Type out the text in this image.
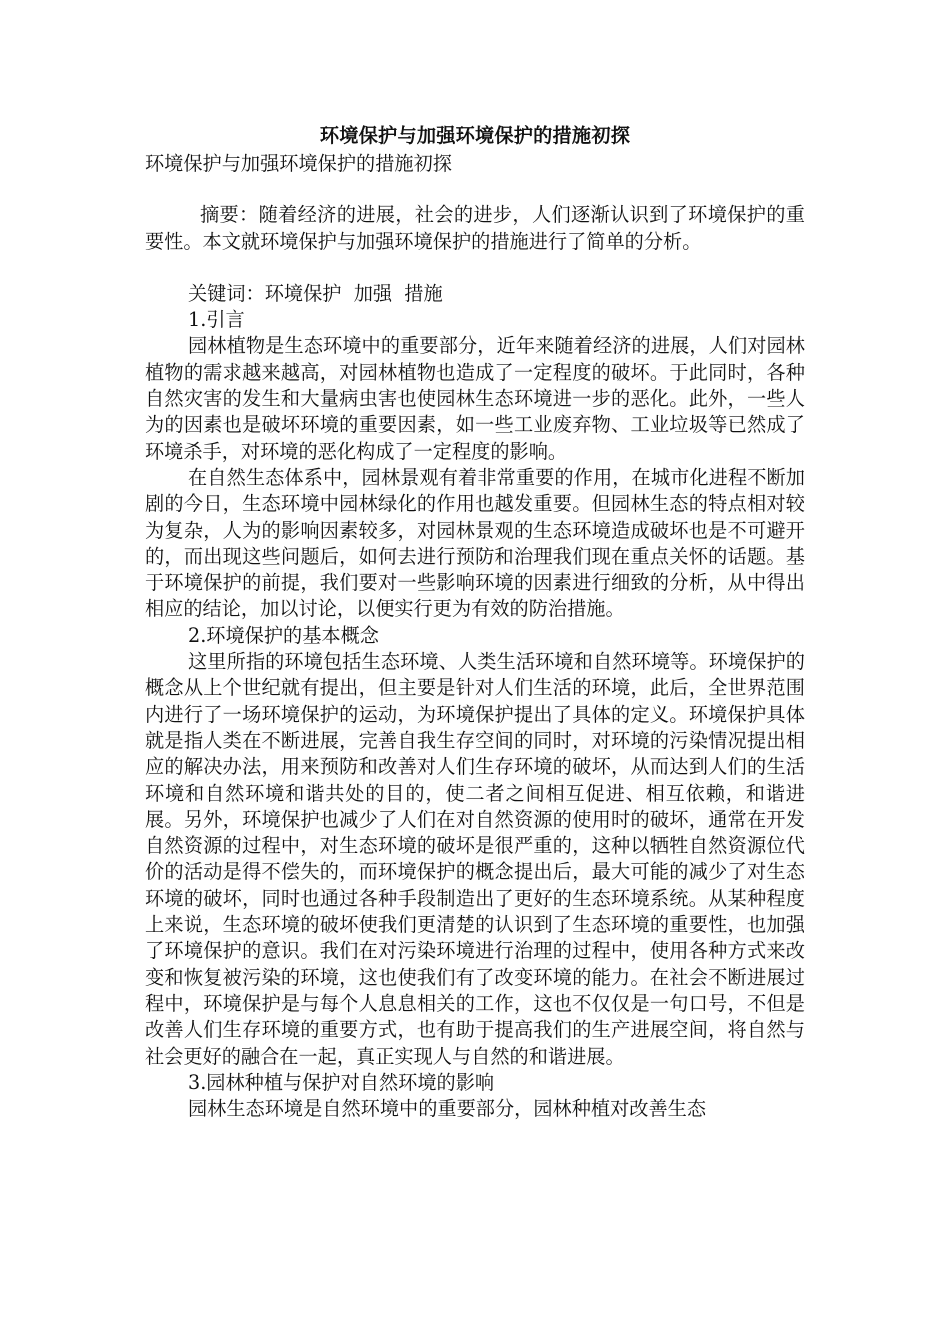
环境保护与加强环境保护的措施初探

环境保护与加强环境保护的措施初探

摘要：随着经济的进展，社会的进步，人们逐渐认识到了环境保护的重要性。本文就环境保护与加强环境保护的措施进行了简单的分析。

关键词：环境保护  加强  措施

1.引言

园林植物是生态环境中的重要部分，近年来随着经济的进展，人们对园林植物的需求越来越高，对园林植物也造成了一定程度的破坏。于此同时，各种自然灾害的发生和大量病虫害也使园林生态环境进一步的恶化。此外，一些人为的因素也是破坏环境的重要因素，如一些工业废弃物、工业垃圾等已然成了环境杀手，对环境的恶化构成了一定程度的影响。

在自然生态体系中，园林景观有着非常重要的作用，在城市化进程不断加剧的今日，生态环境中园林绿化的作用也越发重要。但园林生态的特点相对较为复杂，人为的影响因素较多，对园林景观的生态环境造成破坏也是不可避开的，而出现这些问题后，如何去进行预防和治理我们现在重点关怀的话题。基于环境保护的前提，我们要对一些影响环境的因素进行细致的分析，从中得出相应的结论，加以讨论，以便实行更为有效的防治措施。

2.环境保护的基本概念

这里所指的环境包括生态环境、人类生活环境和自然环境等。环境保护的概念从上个世纪就有提出，但主要是针对人们生活的环境，此后，全世界范围内进行了一场环境保护的运动，为环境保护提出了具体的定义。环境保护具体就是指人类在不断进展，完善自我生存空间的同时，对环境的污染情况提出相应的解决办法，用来预防和改善对人们生存环境的破坏，从而达到人们的生活环境和自然环境和谐共处的目的，使二者之间相互促进、相互依赖，和谐进展。另外，环境保护也减少了人们在对自然资源的使用时的破坏，通常在开发自然资源的过程中，对生态环境的破坏是很严重的，这种以牺牲自然资源位代价的活动是得不偿失的，而环境保护的概念提出后，最大可能的减少了对生态环境的破坏，同时也通过各种手段制造出了更好的生态环境系统。从某种程度上来说，生态环境的破坏使我们更清楚的认识到了生态环境的重要性，也加强了环境保护的意识。我们在对污染环境进行治理的过程中，使用各种方式来改变和恢复被污染的环境，这也使我们有了改变环境的能力。在社会不断进展过程中，环境保护是与每个人息息相关的工作，这也不仅仅是一句口号，不但是改善人们生存环境的重要方式，也有助于提高我们的生产进展空间，将自然与社会更好的融合在一起，真正实现人与自然的和谐进展。

3.园林种植与保护对自然环境的影响

园林生态环境是自然环境中的重要部分，园林种植对改善生态
